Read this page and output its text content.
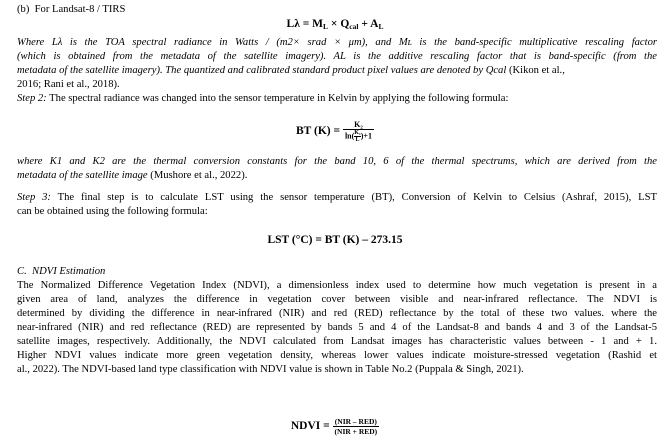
(b)  For Landsat-8 / TIRS
$L\lambda = M_L \times Q_{cal} + A_L$
Where Lλ is the TOA spectral radiance in Watts / (m2× srad × μm), and Mʟ is the band-specific multiplicative rescaling factor
(which is obtained from the metadata of the satellite imagery). AL is the additive rescaling factor that is band-specific (from the
metadata of the satellite imagery). The quantized and calibrated standard product pixel values are denoted by Qcal (Kikon et al.,
2016; Rani et al., 2018).
Step 2: The spectral radiance was changed into the sensor temperature in Kelvin by applying the following formula:
BT $(K) = \frac{\text{K₂}}{\ln( \frac{\text{K₁}}{L} )+1}$
where K1 and K2 are the thermal conversion constants for the band 10, 6 of the thermal spectrums, which are derived from the
metadata of the satellite image (Mushore et al., 2022).
Step 3: The final step is to calculate LST using the sensor temperature (BT), Conversion of Kelvin to Celsius (Ashraf, 2015), LST
can be obtained using the following formula:
LST (°C) = BT (K) – 273.15
C.  NDVI Estimation
The Normalized Difference Vegetation Index (NDVI), a dimensionless index used to determine how much vegetation is present in a
given area of land, analyzes the difference in vegetation cover between visible and near-infrared reflectance. The NDVI is
determined by dividing the difference in near-infrared (NIR) and red (RED) reflectance by the total of these two values. where the
near-infrared (NIR) and red reflectance (RED) are represented by bands 5 and 4 of the Landsat-8 and bands 4 and 3 of the Landsat-5
satellite images, respectively. Additionally, the NDVI calculated from Landsat images has characteristic values between - 1 and + 1.
Higher NDVI values indicate more green vegetation density, whereas lower values indicate moisture-stressed vegetation (Rashid et
al., 2022). The NDVI-based land type classification with NDVI value is shown in Table No.2 (Puppala & Singh, 2021).
NDVI = $\frac{\text{(NIR – RED)}}{\text{(NIR + RED)}}$
